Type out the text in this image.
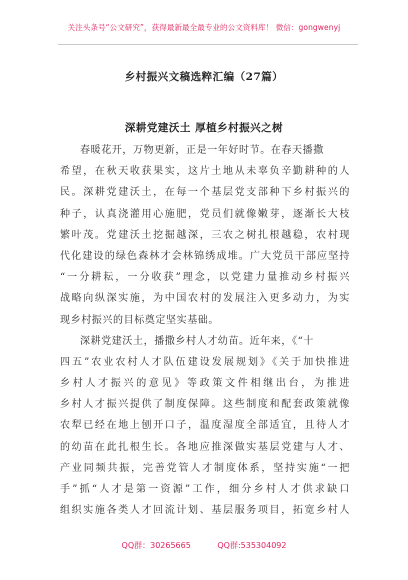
关注头条号“公文研究”，获得最新最全最专业的公文资料库！ 微信：gongwenyj
乡村振兴文稿选粹汇编（27篇）
深耕党建沃土 厚植乡村振兴之树
春暖花开，万物更新，正是一年好时节。在春天播撒
希望，在秋天收获果实，这片土地从未辜负辛勤耕种的人
民。深耕党建沃土，在每一个基层党支部种下乡村振兴的
种子，认真浇灌用心施肥，党员们就像嫩芽，逐渐长大枝
繁叶茂。党建沃土挖掘越深，三农之树扎根越稳，农村现
代化建设的绿色森林才会林锦绣成堆。广大党员干部应坚持
“一分耕耘，一分收获”理念，以党建力量推动乡村振兴
战略向纵深实施，为中国农村的发展注入更多动力，为实
现乡村振兴的目标奠定坚实基础。
深耕党建沃土，播撒乡村人才幼苗。近年来，《“十
四五”农业农村人才队伍建设发展规划》《关于加快推进
乡村人才振兴的意见》等政策文件相继出台，为推进
乡村人才振兴提供了制度保障。这些制度和配套政策就像
农犁已经在地上刨开口子，温度湿度全部适宜，且待人才
的幼苗在此扎根生长。各地应推深做实基层党建与人才、
产业同频共振，完善党管人才制度体系，坚持实施“一把
手”抓“人才是第一资源”工作，细分乡村人才供求缺口
组织实施各类人才回流计划、基层服务项目，拓宽乡村人
QQ群：30265665	QQ群:535304092
